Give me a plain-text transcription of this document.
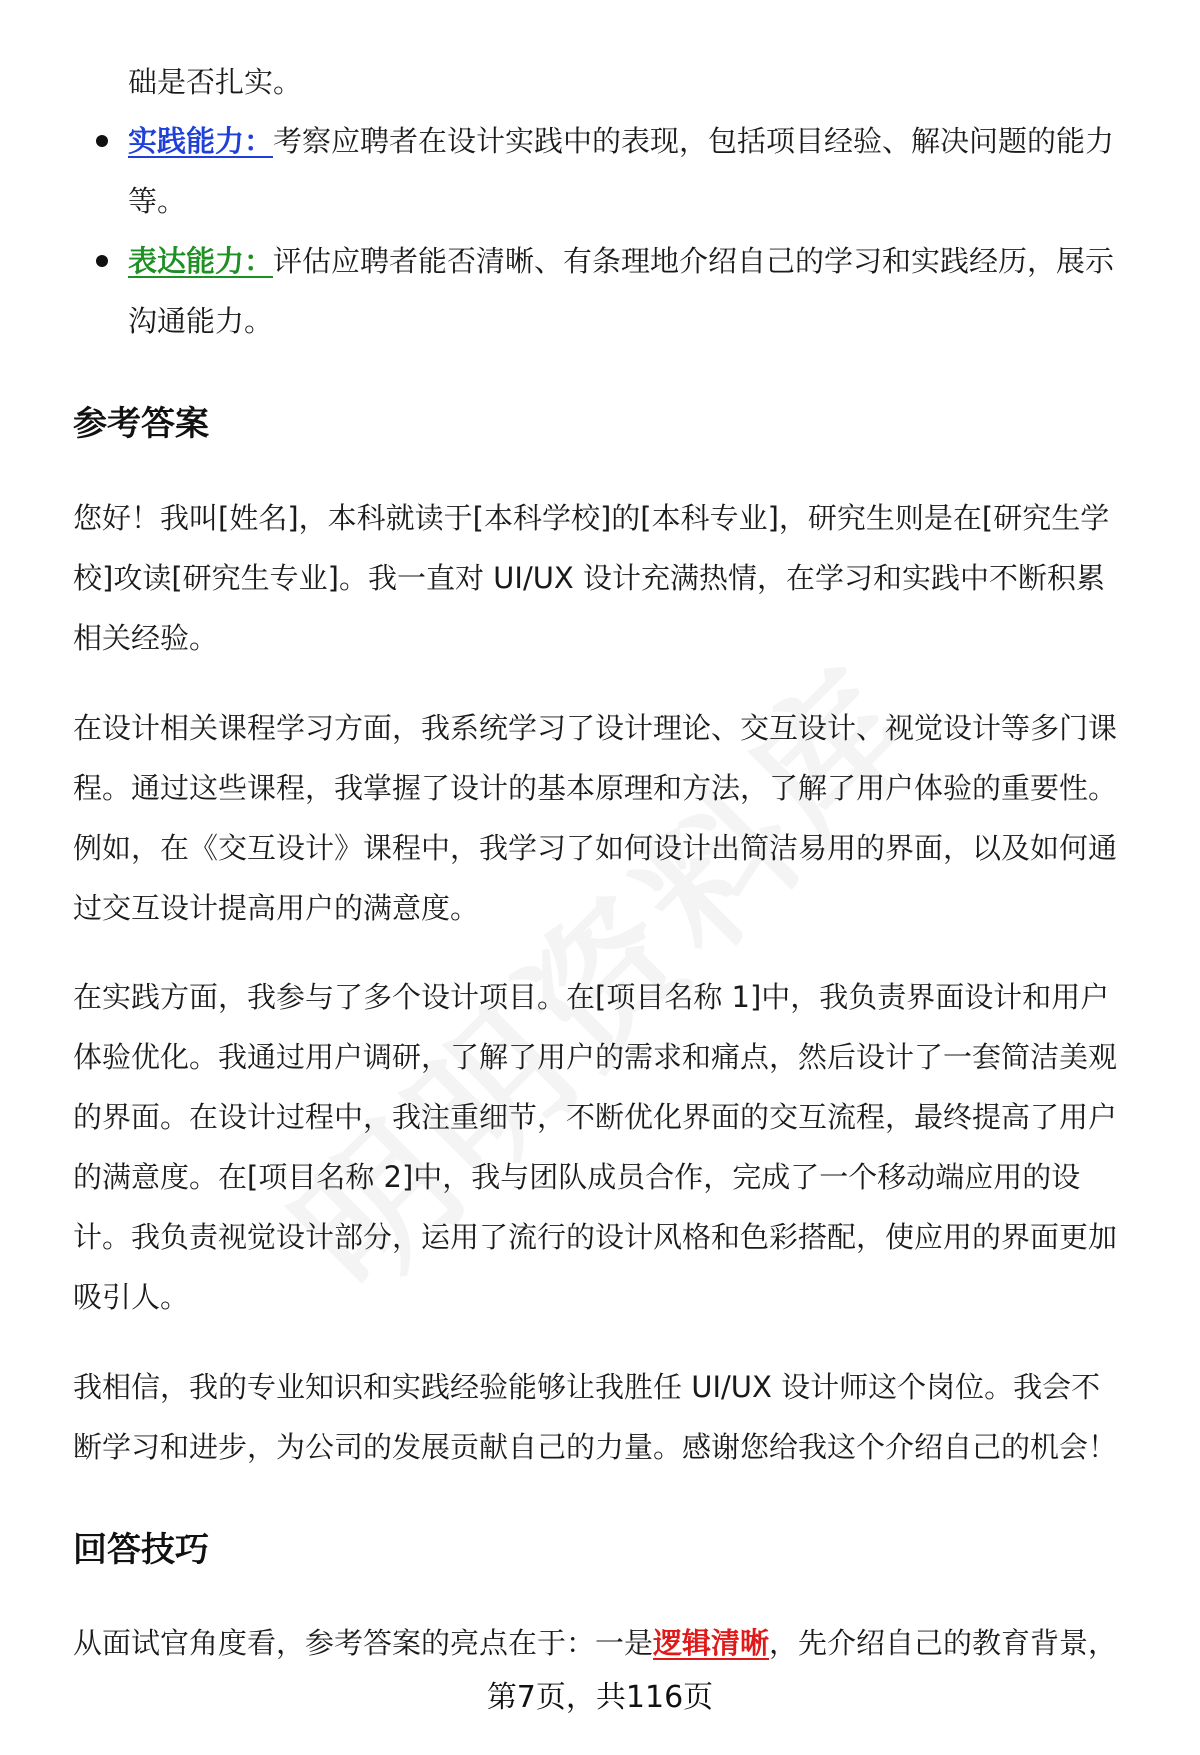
础是否扎实。
实践能力：考察应聘者在设计实践中的表现，包括项目经验、解决问题的能力
等。
表达能力：评估应聘者能否清晰、有条理地介绍自己的学习和实践经历，展示
沟通能力。
参考答案
您好！我叫[姓名]，本科就读于[本科学校]的[本科专业]，研究生则是在[研究生学
校]攻读[研究生专业]。我一直对 UI/UX 设计充满热情，在学习和实践中不断积累
相关经验。
在设计相关课程学习方面，我系统学习了设计理论、交互设计、视觉设计等多门课
程。通过这些课程，我掌握了设计的基本原理和方法，了解了用户体验的重要性。
例如，在《交互设计》课程中，我学习了如何设计出简洁易用的界面，以及如何通
过交互设计提高用户的满意度。
在实践方面，我参与了多个设计项目。在[项目名称 1]中，我负责界面设计和用户
体验优化。我通过用户调研，了解了用户的需求和痛点，然后设计了一套简洁美观
的界面。在设计过程中，我注重细节，不断优化界面的交互流程，最终提高了用户
的满意度。在[项目名称 2]中，我与团队成员合作，完成了一个移动端应用的设
计。我负责视觉设计部分，运用了流行的设计风格和色彩搭配，使应用的界面更加
吸引人。
我相信，我的专业知识和实践经验能够让我胜任 UI/UX 设计师这个岗位。我会不
断学习和进步，为公司的发展贡献自己的力量。感谢您给我这个介绍自己的机会！
回答技巧
从面试官角度看，参考答案的亮点在于：一是逻辑清晰，先介绍自己的教育背景，
第7页，共116页
